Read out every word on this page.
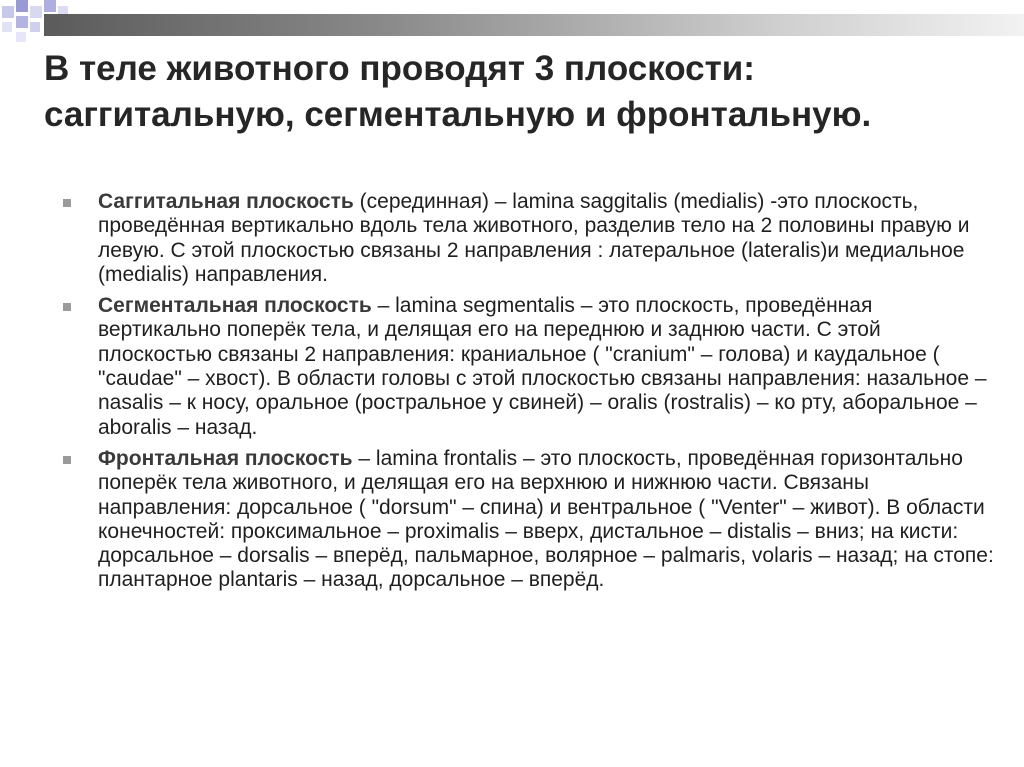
В теле животного проводят 3 плоскости: саггитальную, сегментальную и фронтальную.
Саггитальная плоскость (серединная) – lamina saggitalis (medialis) -это плоскость, проведённая вертикально вдоль тела животного, разделив тело на 2 половины правую и левую. С этой плоскостью связаны 2 направления : латеральное (lateralis)и медиальное (medialis) направления.
Сегментальная плоскость – lamina segmentalis – это плоскость, проведённая вертикально поперёк тела, и делящая его на переднюю и заднюю части. С этой плоскостью связаны 2 направления: краниальное ( "cranium" – голова) и каудальное ( "caudae" – хвост). В области головы с этой плоскостью связаны направления: назальное – nasalis – к носу, оральное (ростральное у свиней) – oralis (rostralis) – ко рту, аборальное – aboralis – назад.
Фронтальная плоскость – lamina frontalis – это плоскость, проведённая горизонтально поперёк тела животного, и делящая его на верхнюю и нижнюю части. Связаны направления: дорсальное ( "dorsum" – спина) и вентральное ( "Venter" – живот). В области конечностей: проксимальное – proximalis – вверх, дистальное – distalis – вниз; на кисти: дорсальное – dorsalis – вперёд, пальмарное, волярное – palmaris, volaris – назад; на стопе: плантарное plantaris – назад, дорсальное – вперёд.
